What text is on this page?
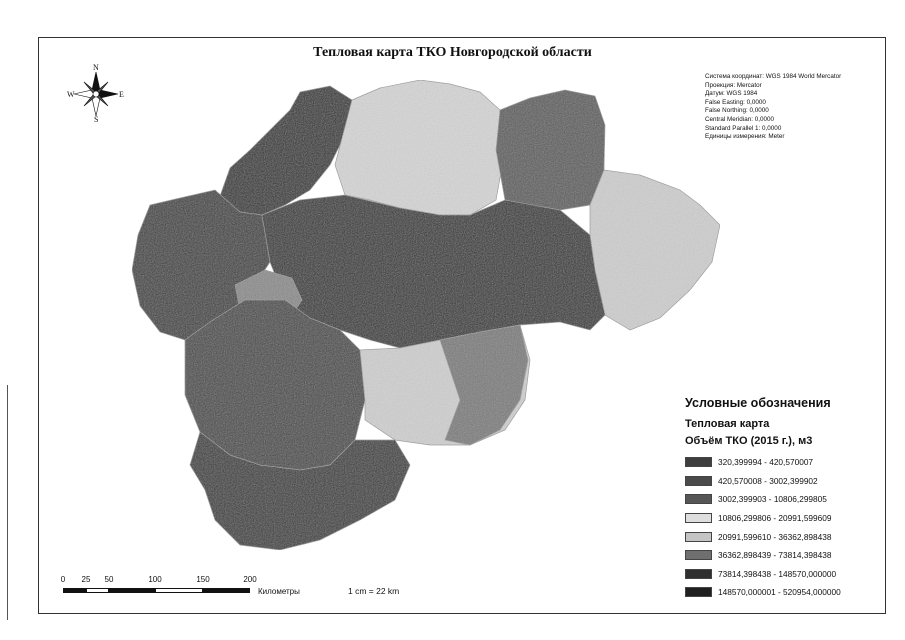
Тепловая карта ТКО Новгородской области
N
S
E
W
Система координат: WGS 1984 World Mercator
Проекция: Mercator
Датум: WGS 1984
False Easting: 0,0000
False Northing: 0,0000
Central Meridian: 0,0000
Standard Parallel 1: 0,0000
Единицы измерения: Meter
Условные обозначения
Тепловая карта
Объём ТКО (2015 г.), м3
320,399994 - 420,570007
420,570008 - 3002,399902
3002,399903 - 10806,299805
10806,299806 - 20991,599609
20991,599610 - 36362,898438
36362,898439 - 73814,398438
73814,398438 - 148570,000000
148570,000001 - 520954,000000
0 25 50	100	150	200
Километры	1 cm = 22 km
